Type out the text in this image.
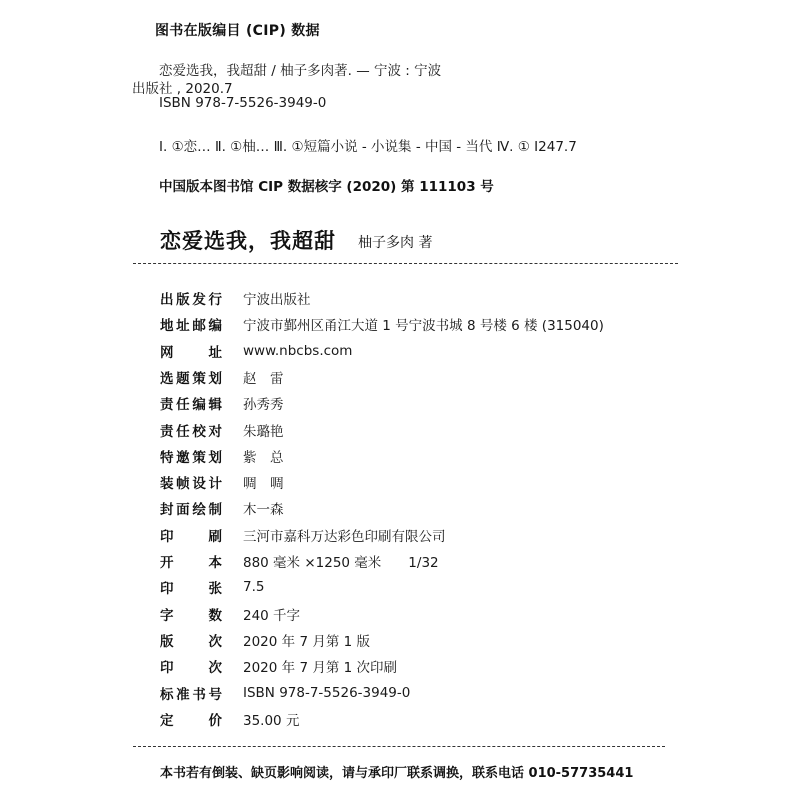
图书在版编目 (CIP) 数据
恋爱选我，我超甜 / 柚子多肉著. — 宁波 : 宁波
出版社 , 2020.7
ISBN 978-7-5526-3949-0
Ⅰ. ①恋… Ⅱ. ①柚… Ⅲ. ①短篇小说 - 小说集 - 中国 - 当代 Ⅳ. ① I247.7
中国版本图书馆 CIP 数据核字 (2020) 第 111103 号
恋爱选我，我超甜 柚子多肉 著
出 版 发 行 宁波出版社
地 址 邮 编 宁波市鄞州区甬江大道 1 号宁波书城 8 号楼 6 楼 (315040)
网	址 www.nbcbs.com
选 题 策 划 赵　雷
责 任 编 辑 孙秀秀
责 任 校 对 朱璐艳
特 邀 策 划 紫　总
装 帧 设 计 啁　啁
封 面 绘 制 木一森
印	刷 三河市嘉科万达彩色印刷有限公司
开	本 880 毫米 ×1250 毫米　　1/32
印	张 7.5
字	数 240 千字
版	次 2020 年 7 月第 1 版
印	次 2020 年 7 月第 1 次印刷
标 准 书 号 ISBN 978-7-5526-3949-0
定	价 35.00 元
本书若有倒装、缺页影响阅读，请与承印厂联系调换，联系电话 010-57735441
